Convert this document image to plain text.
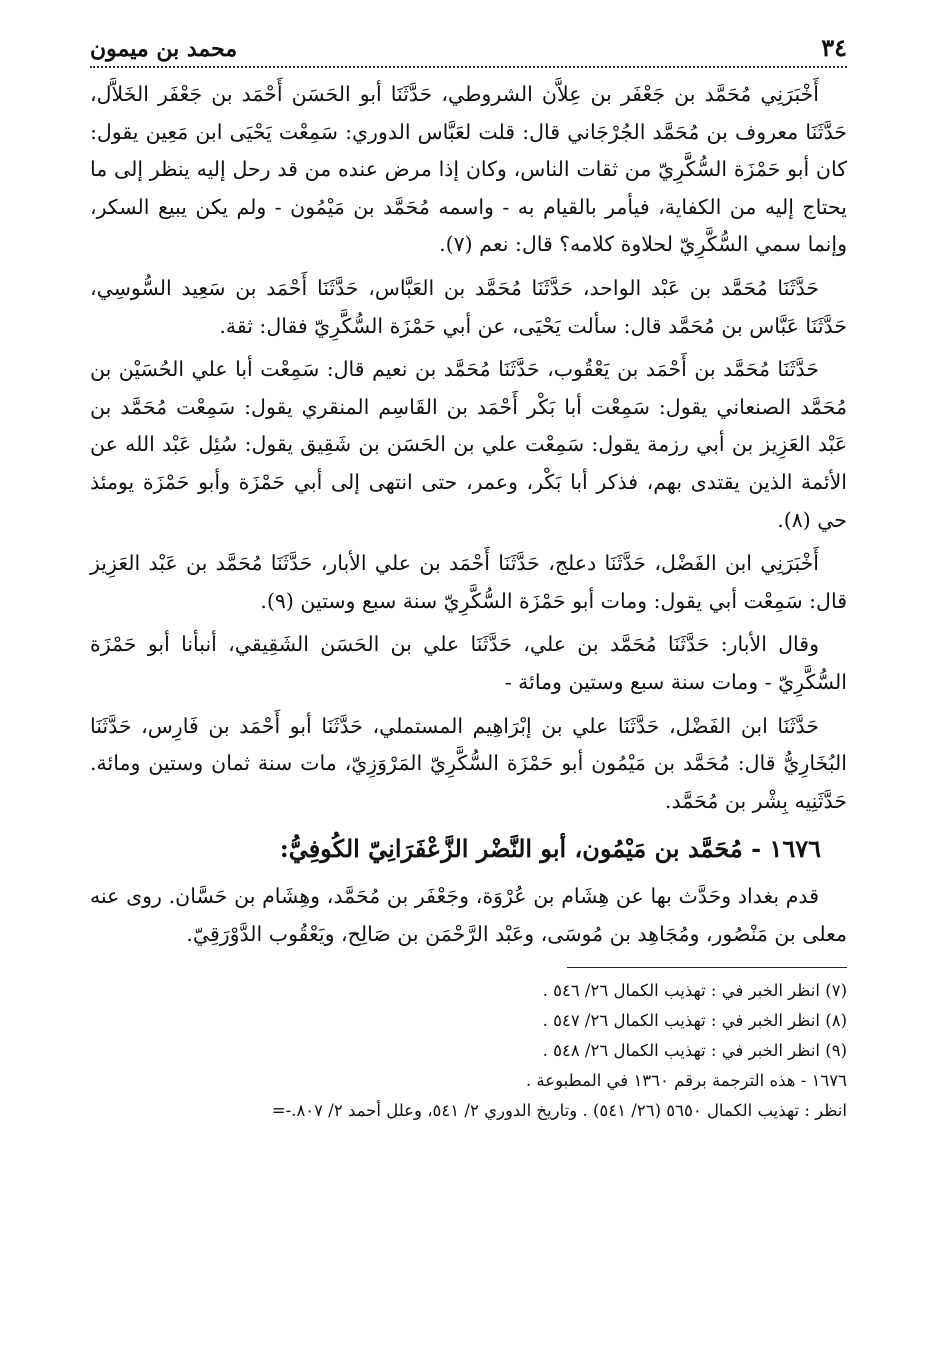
٣٤
محمد بن ميمون

أَخْبَرَنِي مُحَمَّد بن جَعْفَر بن عِلاَّن الشروطي، حَدَّثَنَا أبو الحَسَن أَحْمَد بن جَعْفَر الخَلاَّل، حَدَّثَنَا معروف بن مُحَمَّد الجُرْجَاني قال: قلت لعَبَّاس الدوري: سَمِعْت يَحْيَى ابن مَعِين يقول: كان أبو حَمْزَة السُّكَّرِيّ من ثقات الناس، وكان إذا مرض عنده من قد رحل إليه ينظر إلى ما يحتاج إليه من الكفاية، فيأمر بالقيام به - واسمه مُحَمَّد بن مَيْمُون - ولم يكن يبيع السكر، وإنما سمي السُّكَّرِيّ لحلاوة كلامه؟ قال: نعم (٧).

حَدَّثَنَا مُحَمَّد بن عَبْد الواحد، حَدَّثَنَا مُحَمَّد بن العَبَّاس، حَدَّثَنَا أَحْمَد بن سَعِيد السُّوسِي، حَدَّثَنَا عَبَّاس بن مُحَمَّد قال: سألت يَحْيَى، عن أبي حَمْزَة السُّكَّرِيّ فقال: ثقة.

حَدَّثَنَا مُحَمَّد بن أَحْمَد بن يَعْقُوب، حَدَّثَنَا مُحَمَّد بن نعيم قال: سَمِعْت أبا علي الحُسَيْن بن مُحَمَّد الصنعاني يقول: سَمِعْت أبا بَكْر أَحْمَد بن القَاسِم المنقري يقول: سَمِعْت مُحَمَّد بن عَبْد العَزِيز بن أبي رزمة يقول: سَمِعْت علي بن الحَسَن بن شَقِيق يقول: سُئِل عَبْد الله عن الأئمة الذين يقتدى بهم، فذكر أبا بَكْر، وعمر، حتى انتهى إلى أبي حَمْزَة وأبو حَمْزَة يومئذ حي (٨).

أَخْبَرَنِي ابن الفَضْل، حَدَّثَنَا دعلج، حَدَّثَنَا أَحْمَد بن علي الأبار، حَدَّثَنَا مُحَمَّد بن عَبْد العَزِيز قال: سَمِعْت أبي يقول: ومات أبو حَمْزَة السُّكَّرِيّ سنة سبع وستين (٩).

وقال الأبار: حَدَّثَنَا مُحَمَّد بن علي، حَدَّثَنَا علي بن الحَسَن الشَقِيقي، أنبأنا أبو حَمْزَة السُّكَّرِيّ - ومات سنة سبع وستين ومائة -

حَدَّثَنَا ابن الفَضْل، حَدَّثَنَا علي بن إبْرَاهِيم المستملي، حَدَّثَنَا أبو أَحْمَد بن فَارِس، حَدَّثَنَا البُخَارِيُّ قال: مُحَمَّد بن مَيْمُون أبو حَمْزَة السُّكَّرِيّ المَرْوَزِيّ، مات سنة ثمان وستين ومائة. حَدَّثَنِيه بِشْر بن مُحَمَّد.

١٦٧٦ - مُحَمَّد بن مَيْمُون، أبو النَّضْر الزَّعْفَرَانِيّ الكُوفِيُّ:

قدم بغداد وحَدَّث بها عن هِشَام بن عُرْوَة، وجَعْفَر بن مُحَمَّد، وهِشَام بن حَسَّان. روى عنه معلى بن مَنْصُور، ومُجَاهِد بن مُوسَى، وعَبْد الرَّحْمَن بن صَالِح، ويَعْقُوب الدَّوْرَقِيّ.

(٧) انظر الخبر في : تهذيب الكمال ٢٦/ ٥٤٦ .
(٨) انظر الخبر في : تهذيب الكمال ٢٦/ ٥٤٧ .
(٩) انظر الخبر في : تهذيب الكمال ٢٦/ ٥٤٨ .
١٦٧٦ - هذه الترجمة برقم ١٣٦٠ في المطبوعة .
انظر : تهذيب الكمال ٥٦٥٠ (٢٦/ ٥٤١) . وتاريخ الدوري ٢/ ٥٤١، وعلل أحمد ٢/ ٨٠٧.-=
